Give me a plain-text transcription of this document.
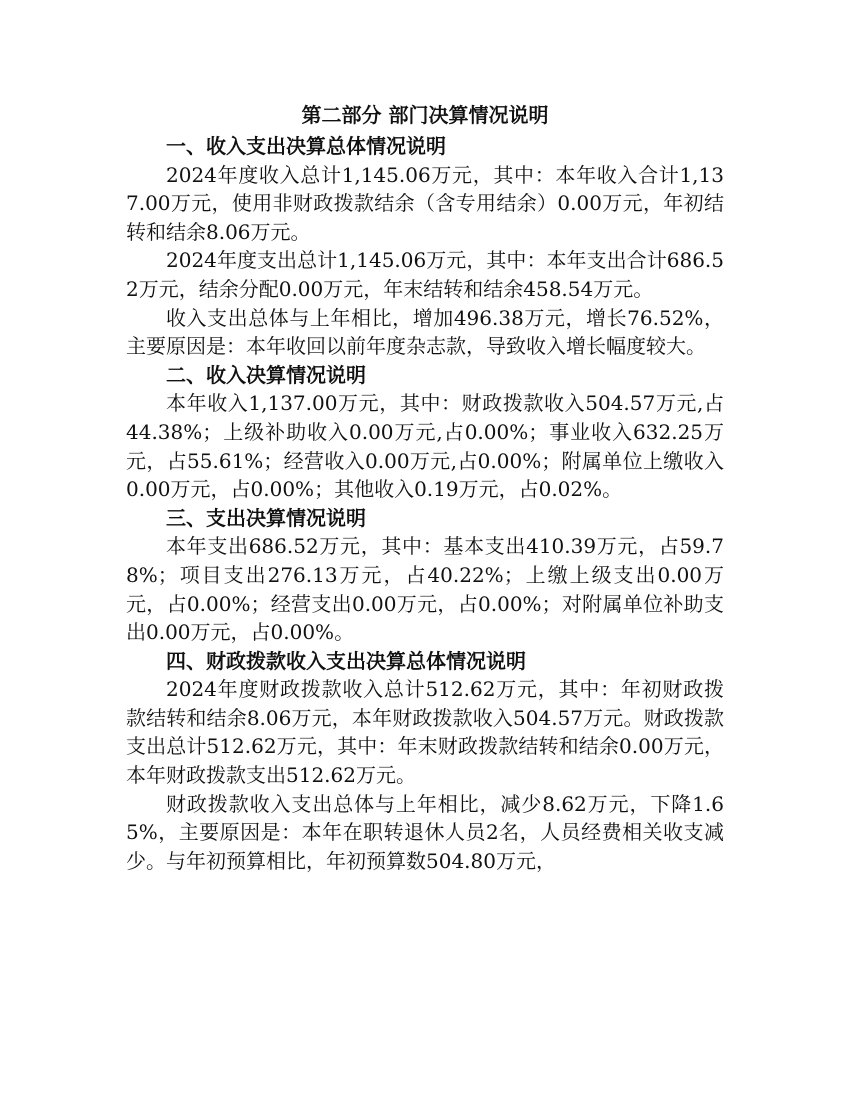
第二部分 部门决算情况说明

一、收入支出决算总体情况说明

2024年度收入总计1,145.06万元，其中：本年收入合计1,137.00万元，使用非财政拨款结余（含专用结余）0.00万元，年初结转和结余8.06万元。

2024年度支出总计1,145.06万元，其中：本年支出合计686.52万元，结余分配0.00万元，年末结转和结余458.54万元。

收入支出总体与上年相比，增加496.38万元，增长76.52%，主要原因是：本年收回以前年度杂志款，导致收入增长幅度较大。

二、收入决算情况说明

本年收入1,137.00万元，其中：财政拨款收入504.57万元,占44.38%；上级补助收入0.00万元,占0.00%；事业收入632.25万元，占55.61%；经营收入0.00万元,占0.00%；附属单位上缴收入0.00万元，占0.00%；其他收入0.19万元，占0.02%。

三、支出决算情况说明

本年支出686.52万元，其中：基本支出410.39万元，占59.78%；项目支出276.13万元，占40.22%；上缴上级支出0.00万元，占0.00%；经营支出0.00万元，占0.00%；对附属单位补助支出0.00万元，占0.00%。

四、财政拨款收入支出决算总体情况说明

2024年度财政拨款收入总计512.62万元，其中：年初财政拨款结转和结余8.06万元，本年财政拨款收入504.57万元。财政拨款支出总计512.62万元，其中：年末财政拨款结转和结余0.00万元，本年财政拨款支出512.62万元。

财政拨款收入支出总体与上年相比，减少8.62万元，下降1.65%，主要原因是：本年在职转退休人员2名，人员经费相关收支减少。与年初预算相比，年初预算数504.80万元，
